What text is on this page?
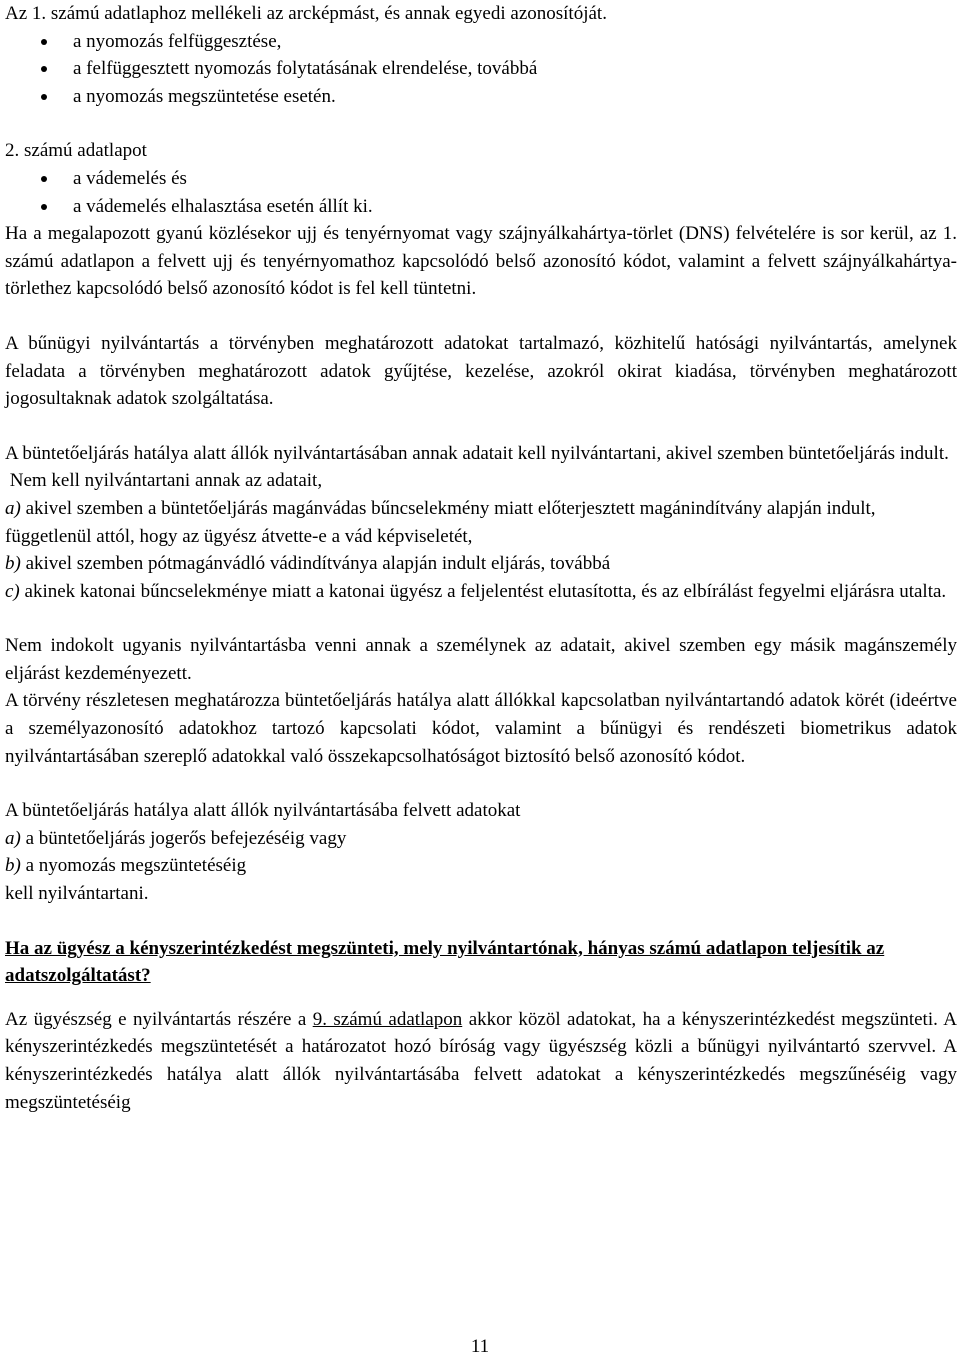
Az 1. számú adatlaphoz mellékeli az arcképmást, és annak egyedi azonosítóját.

a nyomozás felfüggesztése,
a felfüggesztett nyomozás folytatásának elrendelése, továbbá
a nyomozás megszüntetése esetén.

2. számú adatlapot

a vádemelés és
a vádemelés elhalasztása esetén állít ki.

Ha a megalapozott gyanú közlésekor ujj és tenyérnyomat vagy szájnyálkahártya-törlet (DNS) felvételére is sor kerül, az 1. számú adatlapon a felvett ujj és tenyérnyomathoz kapcsolódó belső azonosító kódot, valamint a felvett szájnyálkahártya-törlethez kapcsolódó belső azonosító kódot is fel kell tüntetni.

A bűnügyi nyilvántartás a törvényben meghatározott adatokat tartalmazó, közhitelű hatósági nyilvántartás, amelynek feladata a törvényben meghatározott adatok gyűjtése, kezelése, azokról okirat kiadása, törvényben meghatározott jogosultaknak adatok szolgáltatása.

A büntetőeljárás hatálya alatt állók nyilvántartásában annak adatait kell nyilvántartani, akivel szemben büntetőeljárás indult.

Nem kell nyilvántartani annak az adatait,

a) akivel szemben a büntetőeljárás magánvádas bűncselekmény miatt előterjesztett magánindítvány alapján indult, függetlenül attól, hogy az ügyész átvette-e a vád képviseletét,

b) akivel szemben pótmagánvádló vádindítványa alapján indult eljárás, továbbá

c) akinek katonai bűncselekménye miatt a katonai ügyész a feljelentést elutasította, és az elbírálást fegyelmi eljárásra utalta.

Nem indokolt ugyanis nyilvántartásba venni annak a személynek az adatait, akivel szemben egy másik magánszemély eljárást kezdeményezett.

A törvény részletesen meghatározza büntetőeljárás hatálya alatt állókkal kapcsolatban nyilvántartandó adatok körét (ideértve a személyazonosító adatokhoz tartozó kapcsolati kódot, valamint a bűnügyi és rendészeti biometrikus adatok nyilvántartásában szereplő adatokkal való összekapcsolhatóságot biztosító belső azonosító kódot.

A büntetőeljárás hatálya alatt állók nyilvántartásába felvett adatokat

a) a büntetőeljárás jogerős befejezéséig vagy

b) a nyomozás megszüntetéséig

kell nyilvántartani.

Ha az ügyész a kényszerintézkedést megszünteti, mely nyilvántartónak, hányas számú adatlapon teljesítik az adatszolgáltatást?

Az ügyészség e nyilvántartás részére a 9. számú adatlapon akkor közöl adatokat, ha a kényszerintézkedést megszünteti. A kényszerintézkedés megszüntetését a határozatot hozó bíróság vagy ügyészség közli a bűnügyi nyilvántartó szervvel. A kényszerintézkedés hatálya alatt állók nyilvántartásába felvett adatokat a kényszerintézkedés megszűnéséig vagy megszüntetéséig

11
